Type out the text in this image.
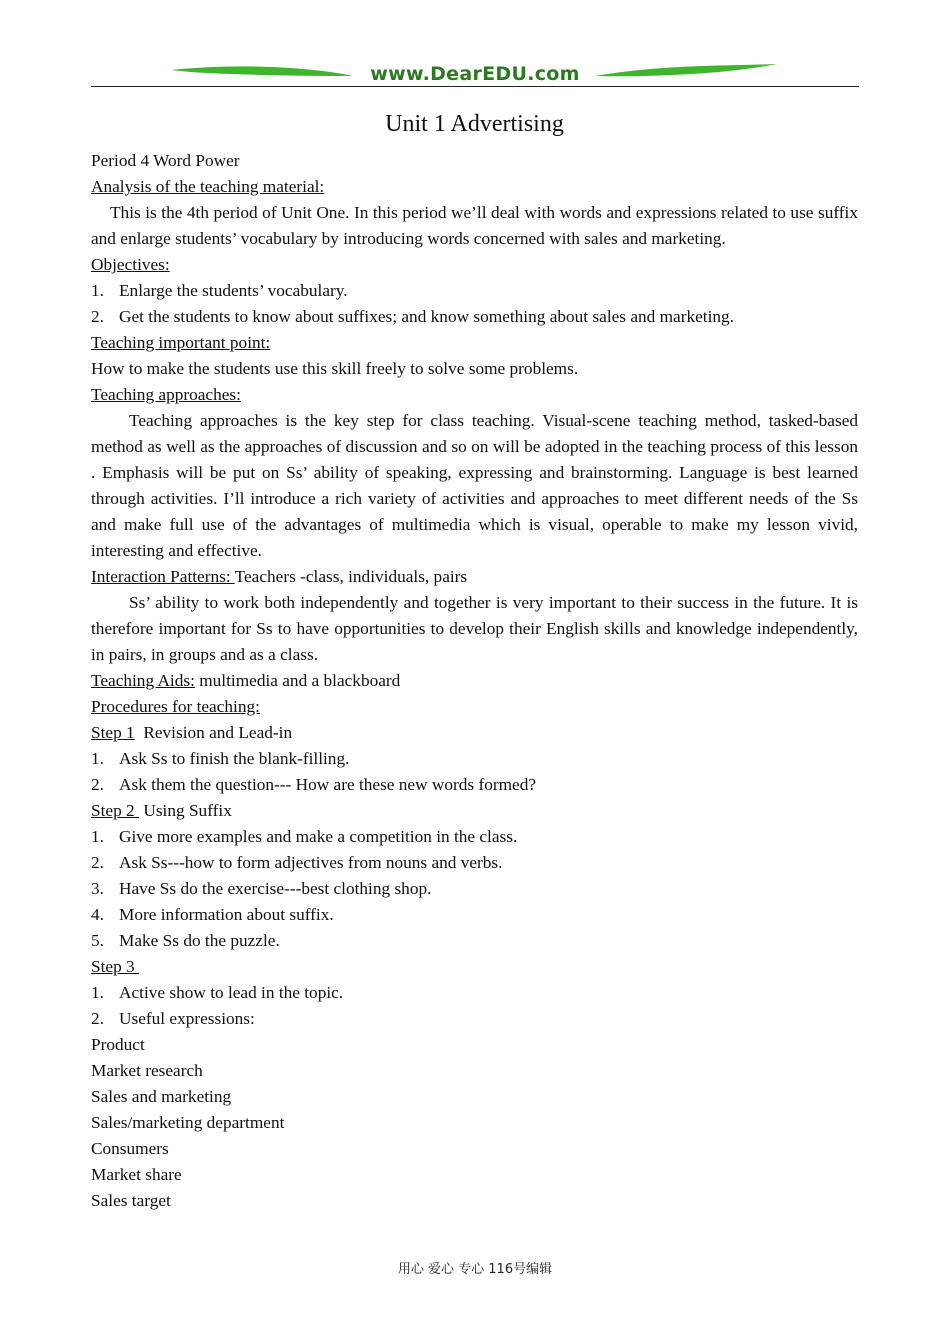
www.DearEDU.com
Unit 1 Advertising

Period 4 Word Power

Analysis of the teaching material:

This is the 4th period of Unit One. In this period we’ll deal with words and expressions related to use suffix and enlarge students’ vocabulary by introducing words concerned with sales and marketing.

Objectives:

1. Enlarge the students’ vocabulary.
2. Get the students to know about suffixes; and know something about sales and marketing.

Teaching important point:

How to make the students use this skill freely to solve some problems.

Teaching approaches:

Teaching approaches is the key step for class teaching. Visual-scene teaching method, tasked-based method as well as the approaches of discussion and so on will be adopted in the teaching process of this lesson . Emphasis will be put on Ss’ ability of speaking, expressing and brainstorming. Language is best learned through activities. I’ll introduce a rich variety of activities and approaches to meet different needs of the Ss and make full use of the advantages of multimedia which is visual, operable to make my lesson vivid, interesting and effective.

Interaction Patterns: Teachers -class, individuals, pairs

Ss’ ability to work both independently and together is very important to their success in the future. It is therefore important for Ss to have opportunities to develop their English skills and knowledge independently, in pairs, in groups and as a class.

Teaching Aids: multimedia and a blackboard

Procedures for teaching:

Step 1  Revision and Lead-in

1. Ask Ss to finish the blank-filling.
2. Ask them the question--- How are these new words formed?

Step 2  Using Suffix

1. Give more examples and make a competition in the class.
2. Ask Ss---how to form adjectives from nouns and verbs.
3. Have Ss do the exercise---best clothing shop.
4. More information about suffix.
5. Make Ss do the puzzle.

Step 3

1. Active show to lead in the topic.
2. Useful expressions:

Product

Market research

Sales and marketing

Sales/marketing department

Consumers

Market share

Sales target

用心 爱心 专心 116号编辑
